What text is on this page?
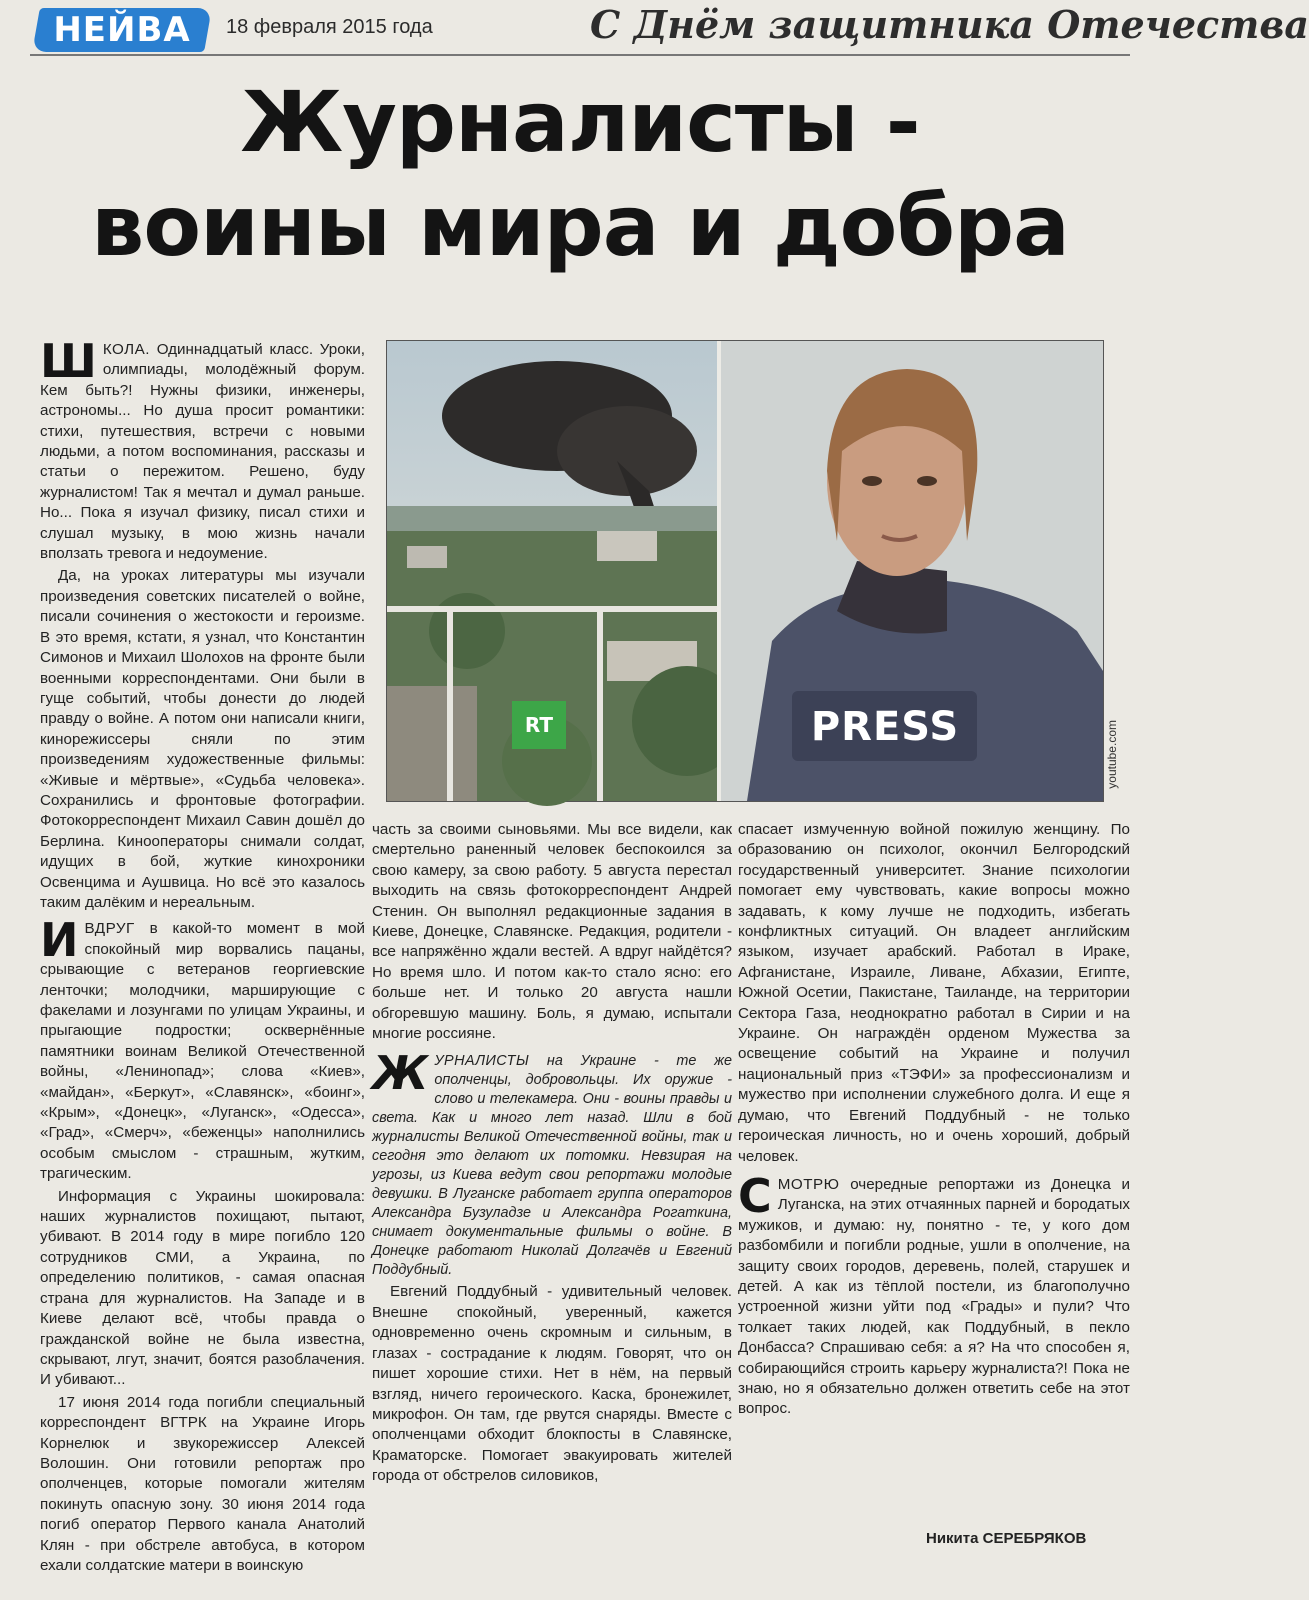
НЕЙВА	18 февраля 2015 года	С Днём защитника Отечества
Журналисты -
воины мира и добра

ШКОЛА. Одиннадцатый класс. Уроки, олимпиады, молодёжный форум. Кем быть?! Нужны физики, инженеры, астрономы... Но душа просит романтики: стихи, путешествия, встречи с новыми людьми, а потом воспоминания, рассказы и статьи о пережитом. Решено, буду журналистом! Так я мечтал и думал раньше. Но... Пока я изучал физику, писал стихи и слушал музыку, в мою жизнь начали вползать тревога и недоумение.

Да, на уроках литературы мы изучали произведения советских писателей о войне, писали сочинения о жестокости и героизме. В это время, кстати, я узнал, что Константин Симонов и Михаил Шолохов на фронте были военными корреспондентами. Они были в гуще событий, чтобы донести до людей правду о войне. А потом они написали книги, кинорежиссеры сняли по этим произведениям художественные фильмы: «Живые и мёртвые», «Судьба человека». Сохранились и фронтовые фотографии. Фотокорреспондент Михаил Савин дошёл до Берлина. Кинооператоры снимали солдат, идущих в бой, жуткие кинохроники Освенцима и Аушвица. Но всё это казалось таким далёким и нереальным.

ИВДРУГ в какой-то момент в мой спокойный мир ворвались пацаны, срывающие с ветеранов георгиевские ленточки; молодчики, марширующие с факелами и лозунгами по улицам Украины, и прыгающие подростки; осквернённые памятники воинам Великой Отечественной войны, «Ленинопад»; слова «Киев», «майдан», «Беркут», «Славянск», «боинг», «Крым», «Донецк», «Луганск», «Одесса», «Град», «Смерч», «беженцы» наполнились особым смыслом - страшным, жутким, трагическим.

Информация с Украины шокировала: наших журналистов похищают, пытают, убивают. В 2014 году в мире погибло 120 сотрудников СМИ, а Украина, по определению политиков, - самая опасная страна для журналистов. На Западе и в Киеве делают всё, чтобы правда о гражданской войне не была известна, скрывают, лгут, значит, боятся разоблачения. И убивают...

17 июня 2014 года погибли специальный корреспондент ВГТРК на Украине Игорь Корнелюк и звукорежиссер Алексей Волошин. Они готовили репортаж про ополченцев, которые помогали жителям покинуть опасную зону. 30 июня 2014 года погиб оператор Первого канала Анатолий Клян - при обстреле автобуса, в котором ехали солдатские матери в воинскую

RT	PRESS	youtube.com

часть за своими сыновьями. Мы все видели, как смертельно раненный человек беспокоился за свою камеру, за свою работу. 5 августа перестал выходить на связь фотокорреспондент Андрей Стенин. Он выполнял редакционные задания в Киеве, Донецке, Славянске. Редакция, родители - все напряжённо ждали вестей. А вдруг найдётся? Но время шло. И потом как-то стало ясно: его больше нет. И только 20 августа нашли обгоревшую машину. Боль, я думаю, испытали многие россияне.

ЖУРНАЛИСТЫ на Украине - те же ополченцы, добровольцы. Их оружие - слово и телекамера. Они - воины правды и света. Как и много лет назад. Шли в бой журналисты Великой Отечественной войны, так и сегодня это делают их потомки. Невзирая на угрозы, из Киева ведут свои репортажи молодые девушки. В Луганске работает группа операторов Александра Бузуладзе и Александра Рогаткина, снимает документальные фильмы о войне. В Донецке работают Николай Долгачёв и Евгений Поддубный.

Евгений Поддубный - удивительный человек. Внешне спокойный, уверенный, кажется одновременно очень скромным и сильным, в глазах - сострадание к людям. Говорят, что он пишет хорошие стихи. Нет в нём, на первый взгляд, ничего героического. Каска, бронежилет, микрофон. Он там, где рвутся снаряды. Вместе с ополченцами обходит блокпосты в Славянске, Краматорске. Помогает эвакуировать жителей города от обстрелов силовиков,

спасает измученную войной пожилую женщину. По образованию он психолог, окончил Белгородский государственный университет. Знание психологии помогает ему чувствовать, какие вопросы можно задавать, к кому лучше не подходить, избегать конфликтных ситуаций. Он владеет английским языком, изучает арабский. Работал в Ираке, Афганистане, Израиле, Ливане, Абхазии, Египте, Южной Осетии, Пакистане, Таиланде, на территории Сектора Газа, неоднократно работал в Сирии и на Украине. Он награждён орденом Мужества за освещение событий на Украине и получил национальный приз «ТЭФИ» за профессионализм и мужество при исполнении служебного долга. И еще я думаю, что Евгений Поддубный - не только героическая личность, но и очень хороший, добрый человек.

СМОТРЮ очередные репортажи из Донецка и Луганска, на этих отчаянных парней и бородатых мужиков, и думаю: ну, понятно - те, у кого дом разбомбили и погибли родные, ушли в ополчение, на защиту своих городов, деревень, полей, старушек и детей. А как из тёплой постели, из благополучно устроенной жизни уйти под «Грады» и пули? Что толкает таких людей, как Поддубный, в пекло Донбасса? Спрашиваю себя: а я? На что способен я, собирающийся строить карьеру журналиста?! Пока не знаю, но я обязательно должен ответить себе на этот вопрос.

Никита СЕРЕБРЯКОВ
